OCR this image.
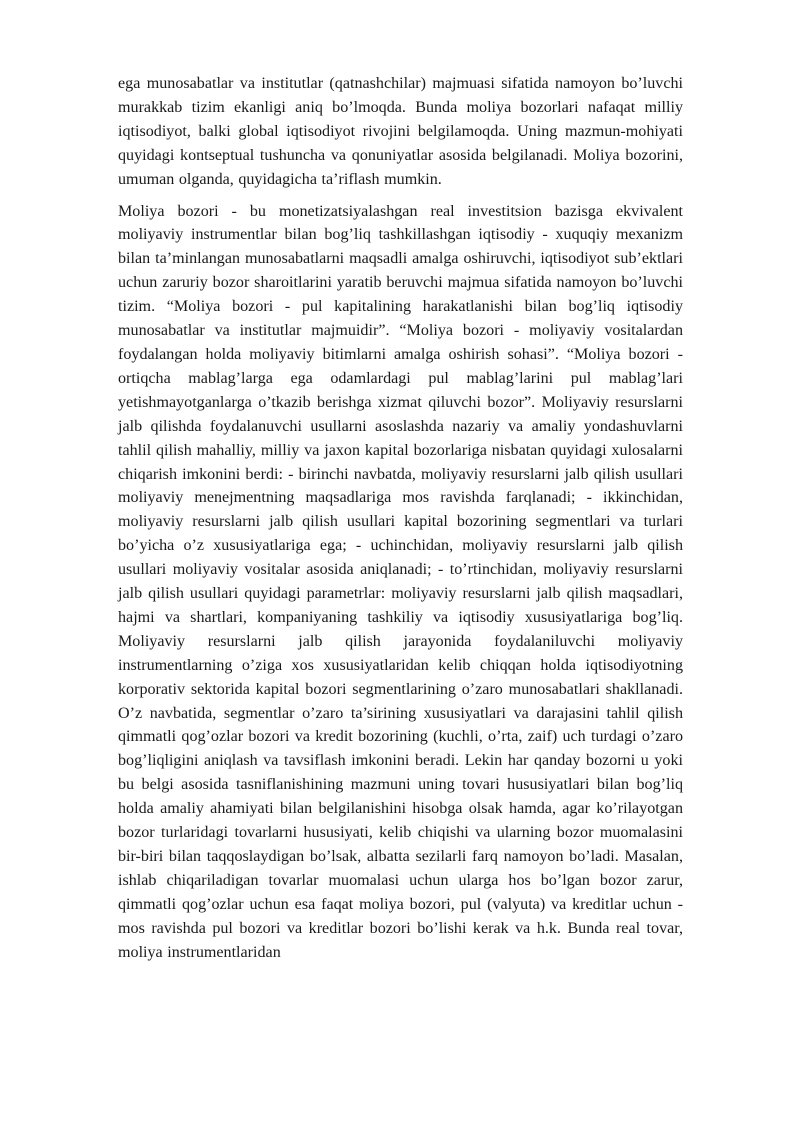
ega munosabatlar va institutlar (qatnashchilar) majmuasi sifatida namoyon bo’luvchi murakkab tizim ekanligi aniq bo’lmoqda. Bunda moliya bozorlari nafaqat milliy iqtisodiyot, balki global iqtisodiyot rivojini belgilamoqda. Uning mazmun-mohiyati quyidagi kontseptual tushuncha va qonuniyatlar asosida belgilanadi. Moliya bozorini, umuman olganda, quyidagicha ta’riflash mumkin.

Moliya bozori - bu monetizatsiyalashgan real investitsion bazisga ekvivalent moliyaviy instrumentlar bilan bog’liq tashkillashgan iqtisodiy - xuquqiy mexanizm bilan ta’minlangan munosabatlarni maqsadli amalga oshiruvchi, iqtisodiyot sub’ektlari uchun zaruriy bozor sharoitlarini yaratib beruvchi majmua sifatida namoyon bo’luvchi tizim. “Moliya bozori - pul kapitalining harakatlanishi bilan bog’liq iqtisodiy munosabatlar va institutlar majmuidir”. “Moliya bozori - moliyaviy vositalardan foydalangan holda moliyaviy bitimlarni amalga oshirish sohasi”. “Moliya bozori - ortiqcha mablag’larga ega odamlardagi pul mablag’larini pul mablag’lari yetishmayotganlarga o’tkazib berishga xizmat qiluvchi bozor”. Moliyaviy resurslarni jalb qilishda foydalanuvchi usullarni asoslashda nazariy va amaliy yondashuvlarni tahlil qilish mahalliy, milliy va jaxon kapital bozorlariga nisbatan quyidagi xulosalarni chiqarish imkonini berdi: - birinchi navbatda, moliyaviy resurslarni jalb qilish usullari moliyaviy menejmentning maqsadlariga mos ravishda farqlanadi; - ikkinchidan, moliyaviy resurslarni jalb qilish usullari kapital bozorining segmentlari va turlari bo’yicha o’z xususiyatlariga ega; - uchinchidan, moliyaviy resurslarni jalb qilish usullari moliyaviy vositalar asosida aniqlanadi; - to’rtinchidan, moliyaviy resurslarni jalb qilish usullari quyidagi parametrlar: moliyaviy resurslarni jalb qilish maqsadlari, hajmi va shartlari, kompaniyaning tashkiliy va iqtisodiy xususiyatlariga bog’liq. Moliyaviy resurslarni jalb qilish jarayonida foydalaniluvchi moliyaviy instrumentlarning o’ziga xos xususiyatlaridan kelib chiqqan holda iqtisodiyotning korporativ sektorida kapital bozori segmentlarining o’zaro munosabatlari shakllanadi. O’z navbatida, segmentlar o’zaro ta’sirining xususiyatlari va darajasini tahlil qilish qimmatli qog’ozlar bozori va kredit bozorining (kuchli, o’rta, zaif) uch turdagi o’zaro bog’liqligini aniqlash va tavsiflash imkonini beradi. Lekin har qanday bozorni u yoki bu belgi asosida tasniflanishining mazmuni uning tovari hususiyatlari bilan bog’liq holda amaliy ahamiyati bilan belgilanishini hisobga olsak hamda, agar ko’rilayotgan bozor turlaridagi tovarlarni hususiyati, kelib chiqishi va ularning bozor muomalasini bir-biri bilan taqqoslaydigan bo’lsak, albatta sezilarli farq namoyon bo’ladi. Masalan, ishlab chiqariladigan tovarlar muomalasi uchun ularga hos bo’lgan bozor zarur, qimmatli qog’ozlar uchun esa faqat moliya bozori, pul (valyuta) va kreditlar uchun - mos ravishda pul bozori va kreditlar bozori bo’lishi kerak va h.k. Bunda real tovar, moliya instrumentlaridan
